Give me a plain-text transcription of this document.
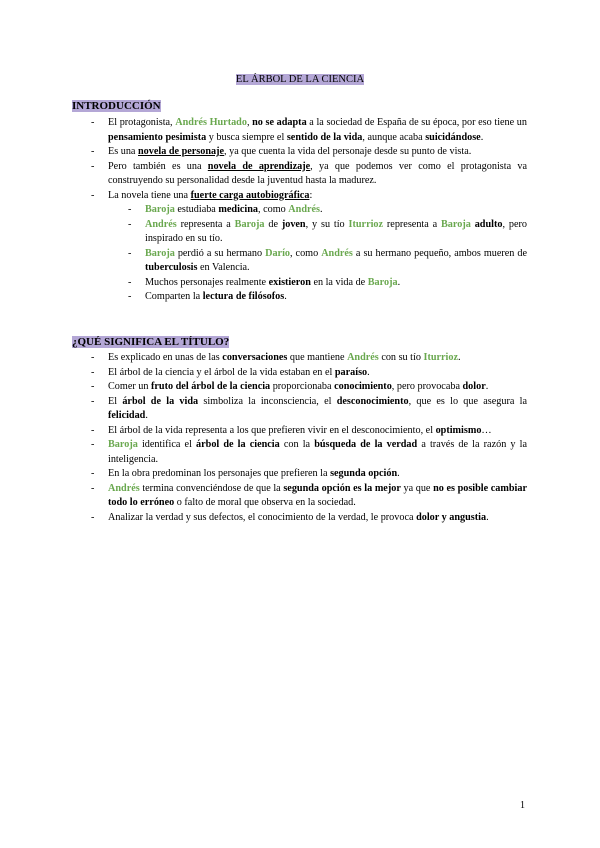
EL ÁRBOL DE LA CIENCIA
INTRODUCCIÓN
- El protagonista, Andrés Hurtado, no se adapta a la sociedad de España de su época, por eso tiene un pensamiento pesimista y busca siempre el sentido de la vida, aunque acaba suicidándose.
- Es una novela de personaje, ya que cuenta la vida del personaje desde su punto de vista.
- Pero también es una novela de aprendizaje, ya que podemos ver como el protagonista va construyendo su personalidad desde la juventud hasta la madurez.
- La novela tiene una fuerte carga autobiográfica:
- Baroja estudiaba medicina, como Andrés.
- Andrés representa a Baroja de joven, y su tío Iturrioz representa a Baroja adulto, pero inspirado en su tío.
- Baroja perdió a su hermano Darío, como Andrés a su hermano pequeño, ambos mueren de tuberculosis en Valencia.
- Muchos personajes realmente existieron en la vida de Baroja.
- Comparten la lectura de filósofos.
¿QUÉ SIGNIFICA EL TÍTULO?
- Es explicado en unas de las conversaciones que mantiene Andrés con su tío Iturrioz.
- El árbol de la ciencia y el árbol de la vida estaban en el paraíso.
- Comer un fruto del árbol de la ciencia proporcionaba conocimiento, pero provocaba dolor.
- El árbol de la vida simboliza la inconsciencia, el desconocimiento, que es lo que asegura la felicidad.
- El árbol de la vida representa a los que prefieren vivir en el desconocimiento, el optimismo…
- Baroja identifica el árbol de la ciencia con la búsqueda de la verdad a través de la razón y la inteligencia.
- En la obra predominan los personajes que prefieren la segunda opción.
- Andrés termina convenciéndose de que la segunda opción es la mejor ya que no es posible cambiar todo lo erróneo o falto de moral que observa en la sociedad.
- Analizar la verdad y sus defectos, el conocimiento de la verdad, le provoca dolor y angustia.
1
